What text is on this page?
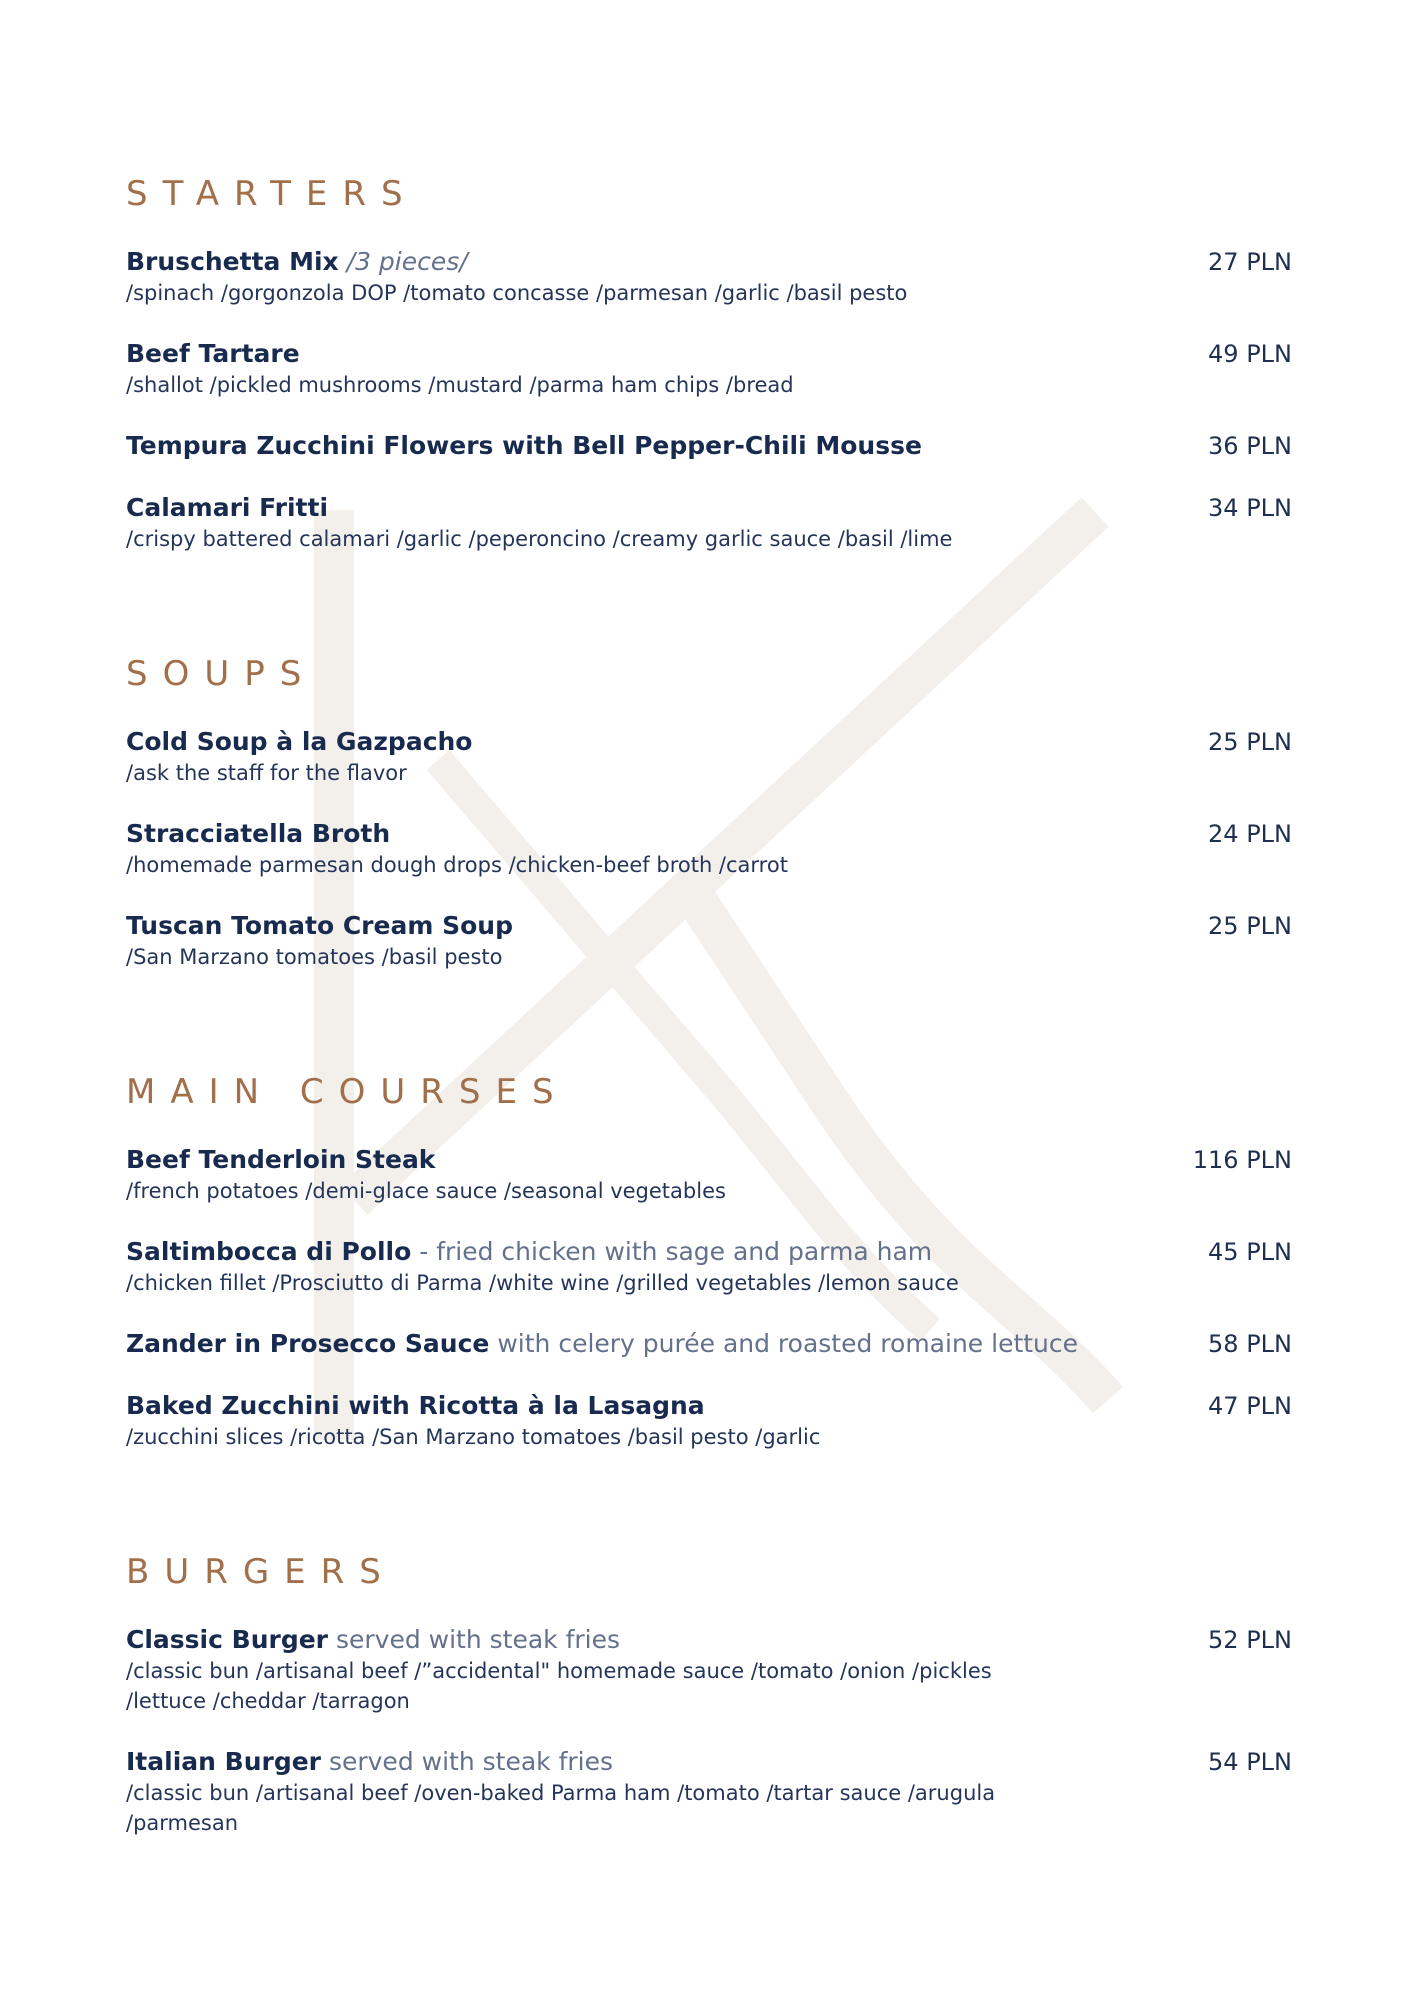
STARTERS
Bruschetta Mix /3 pieces/
/spinach /gorgonzola DOP /tomato concasse /parmesan /garlic /basil pesto
27 PLN
Beef Tartare
/shallot /pickled mushrooms /mustard /parma ham chips /bread
49 PLN
Tempura Zucchini Flowers with Bell Pepper-Chili Mousse	36 PLN
Calamari Fritti
/crispy battered calamari /garlic /peperoncino /creamy garlic sauce /basil /lime
34 PLN
SOUPS
Cold Soup à la Gazpacho
/ask the staff for the flavor
25 PLN
Stracciatella Broth
/homemade parmesan dough drops /chicken-beef broth /carrot
24 PLN
Tuscan Tomato Cream Soup
/San Marzano tomatoes /basil pesto
25 PLN
MAIN COURSES
Beef Tenderloin Steak
/french potatoes /demi-glace sauce /seasonal vegetables
116 PLN
Saltimbocca di Pollo - fried chicken with sage and parma ham
/chicken fillet /Prosciutto di Parma /white wine /grilled vegetables /lemon sauce
45 PLN
Zander in Prosecco Sauce with celery purée and roasted romaine lettuce	58 PLN
Baked Zucchini with Ricotta à la Lasagna
/zucchini slices /ricotta /San Marzano tomatoes /basil pesto /garlic
47 PLN
BURGERS
Classic Burger served with steak fries
/classic bun /artisanal beef /”accidental" homemade sauce /tomato /onion /pickles
/lettuce /cheddar /tarragon
52 PLN
Italian Burger served with steak fries
/classic bun /artisanal beef /oven-baked Parma ham /tomato /tartar sauce /arugula
/parmesan
54 PLN
